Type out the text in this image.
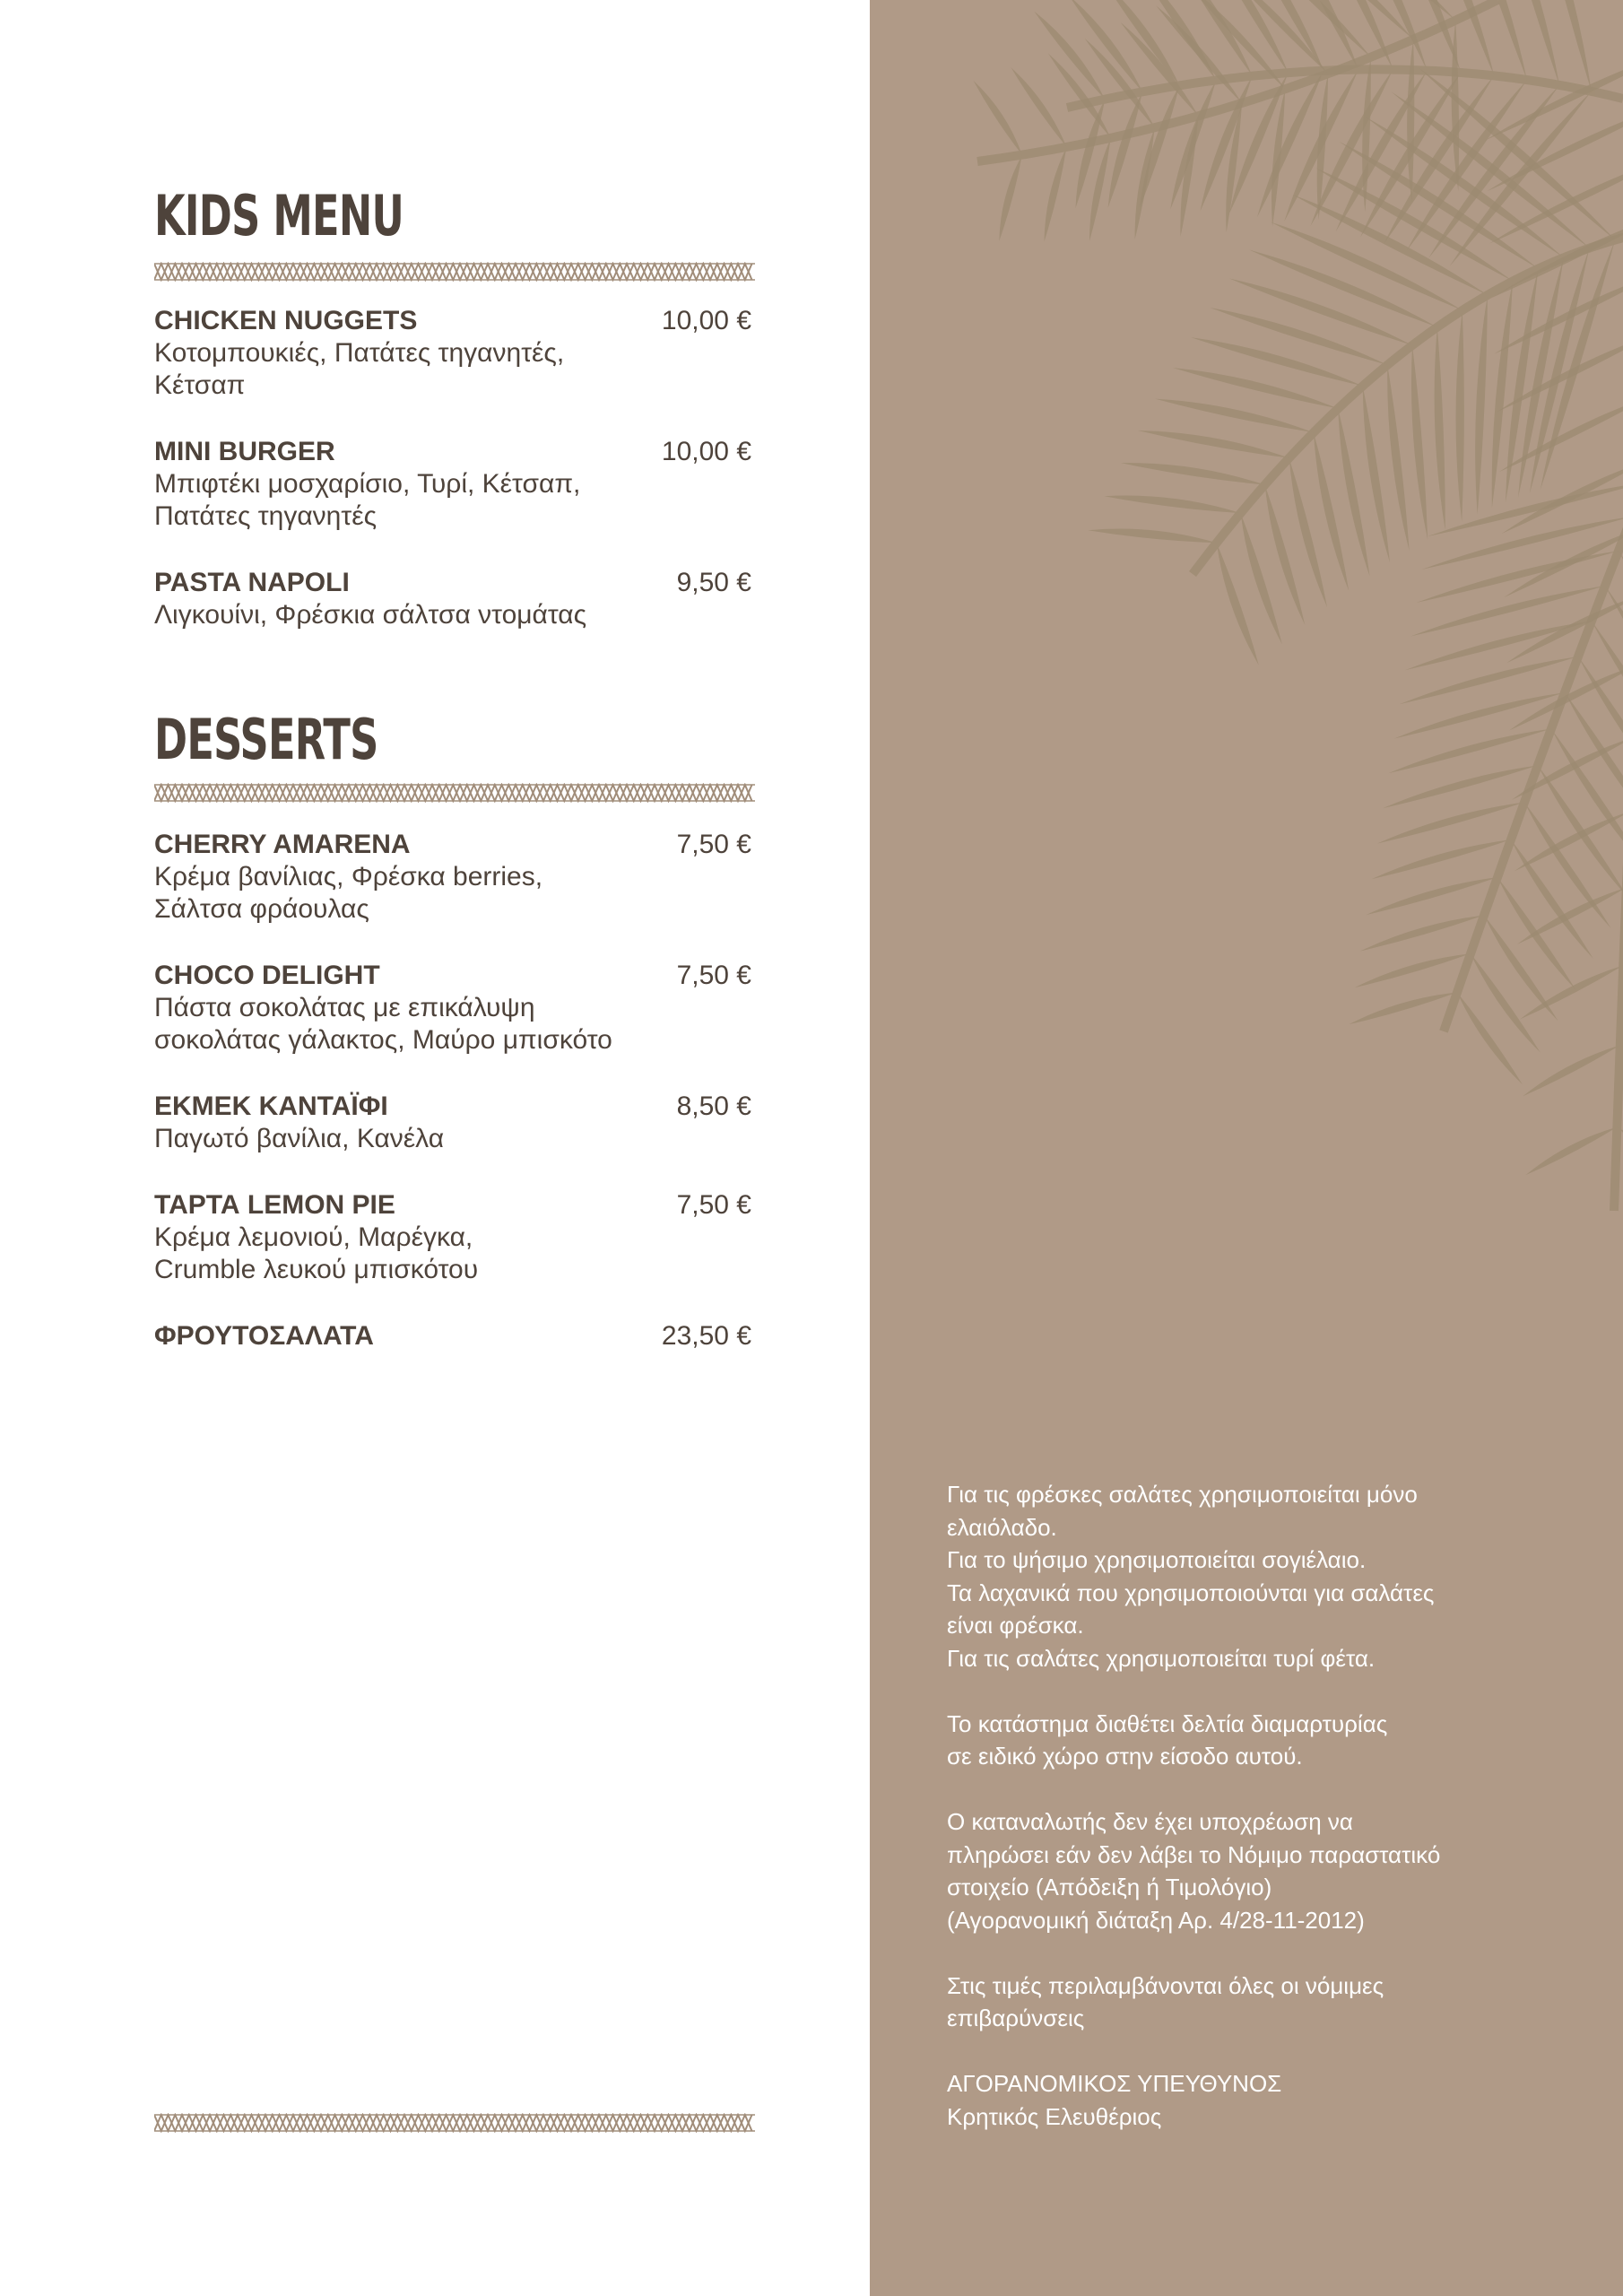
KIDS MENU
CHICKEN NUGGETS	10,00 €
Κοτομπουκιές, Πατάτες τηγανητές,
Κέτσαπ
MINI BURGER	10,00 €
Μπιφτέκι μοσχαρίσιο, Τυρί, Κέτσαπ,
Πατάτες τηγανητές
PASTA NAPOLI	9,50 €
Λιγκουίνι, Φρέσκια σάλτσα ντομάτας
DESSERTS
CHERRY AMARENA	7,50 €
Κρέμα βανίλιας, Φρέσκα berries,
Σάλτσα φράουλας
CHOCO DELIGHT	7,50 €
Πάστα σοκολάτας με επικάλυψη
σοκολάτας γάλακτος, Μαύρο μπισκότο
ΕΚΜΕΚ ΚΑΝΤΑΪΦΙ	8,50 €
Παγωτό βανίλια, Κανέλα
ΤΑΡΤΑ LEMON PIE	7,50 €
Κρέμα λεμονιού, Μαρέγκα,
Crumble λευκού μπισκότου
ΦΡΟΥΤΟΣΑΛΑΤΑ	23,50 €

Για τις φρέσκες σαλάτες χρησιμοποιείται μόνο
ελαιόλαδο.
Για το ψήσιμο χρησιμοποιείται σογιέλαιο.
Τα λαχανικά που χρησιμοποιούνται για σαλάτες
είναι φρέσκα.
Για τις σαλάτες χρησιμοποιείται τυρί φέτα.

Το κατάστημα διαθέτει δελτία διαμαρτυρίας
σε ειδικό χώρο στην είσοδο αυτού.

Ο καταναλωτής δεν έχει υποχρέωση να
πληρώσει εάν δεν λάβει το Νόμιμο παραστατικό
στοιχείο (Απόδειξη ή Τιμολόγιο)
(Αγορανομική διάταξη Αρ. 4/28-11-2012)

Στις τιμές περιλαμβάνονται όλες οι νόμιμες
επιβαρύνσεις

ΑΓΟΡΑΝΟΜΙΚΟΣ ΥΠΕΥΘΥΝΟΣ
Κρητικός Ελευθέριος
